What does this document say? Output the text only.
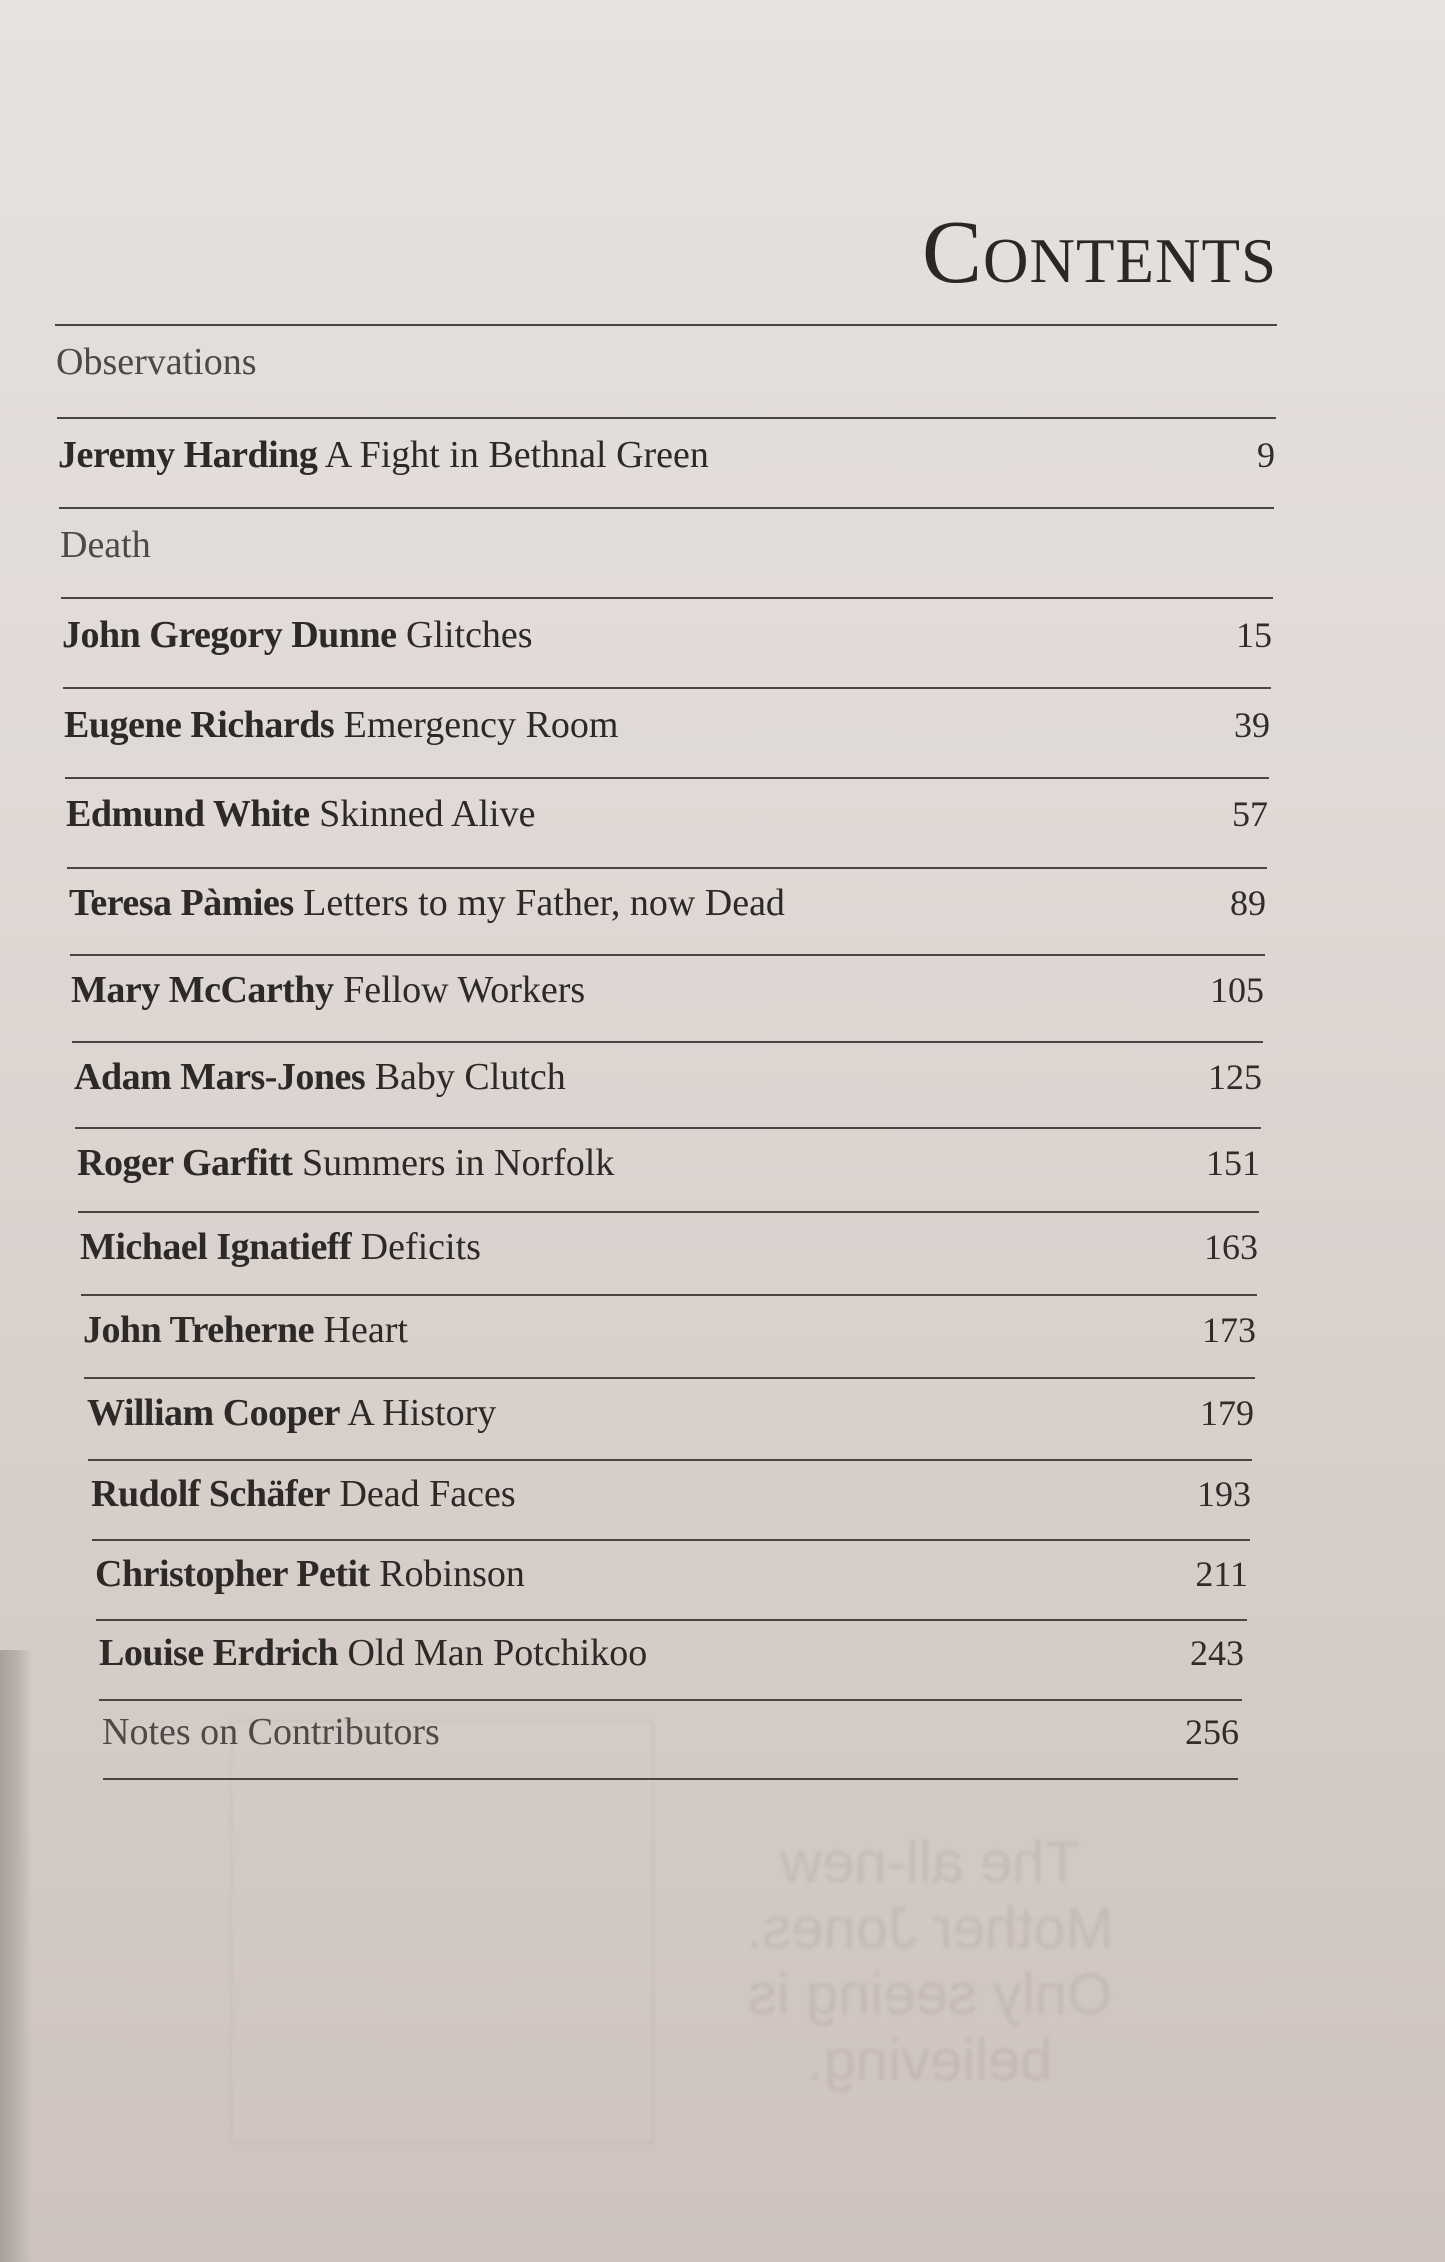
The all-new
Mother Jones.
Only seeing is
believing.
Contents
Observations
Jeremy Harding A Fight in Bethnal Green	9
Death
John Gregory Dunne Glitches	15
Eugene Richards Emergency Room	39
Edmund White Skinned Alive	57
Teresa Pàmies Letters to my Father, now Dead	89
Mary McCarthy Fellow Workers	105
Adam Mars-Jones Baby Clutch	125
Roger Garfitt Summers in Norfolk	151
Michael Ignatieff Deficits	163
John Treherne Heart	173
William Cooper A History	179
Rudolf Schäfer Dead Faces	193
Christopher Petit Robinson	211
Louise Erdrich Old Man Potchikoo	243
Notes on Contributors	256
